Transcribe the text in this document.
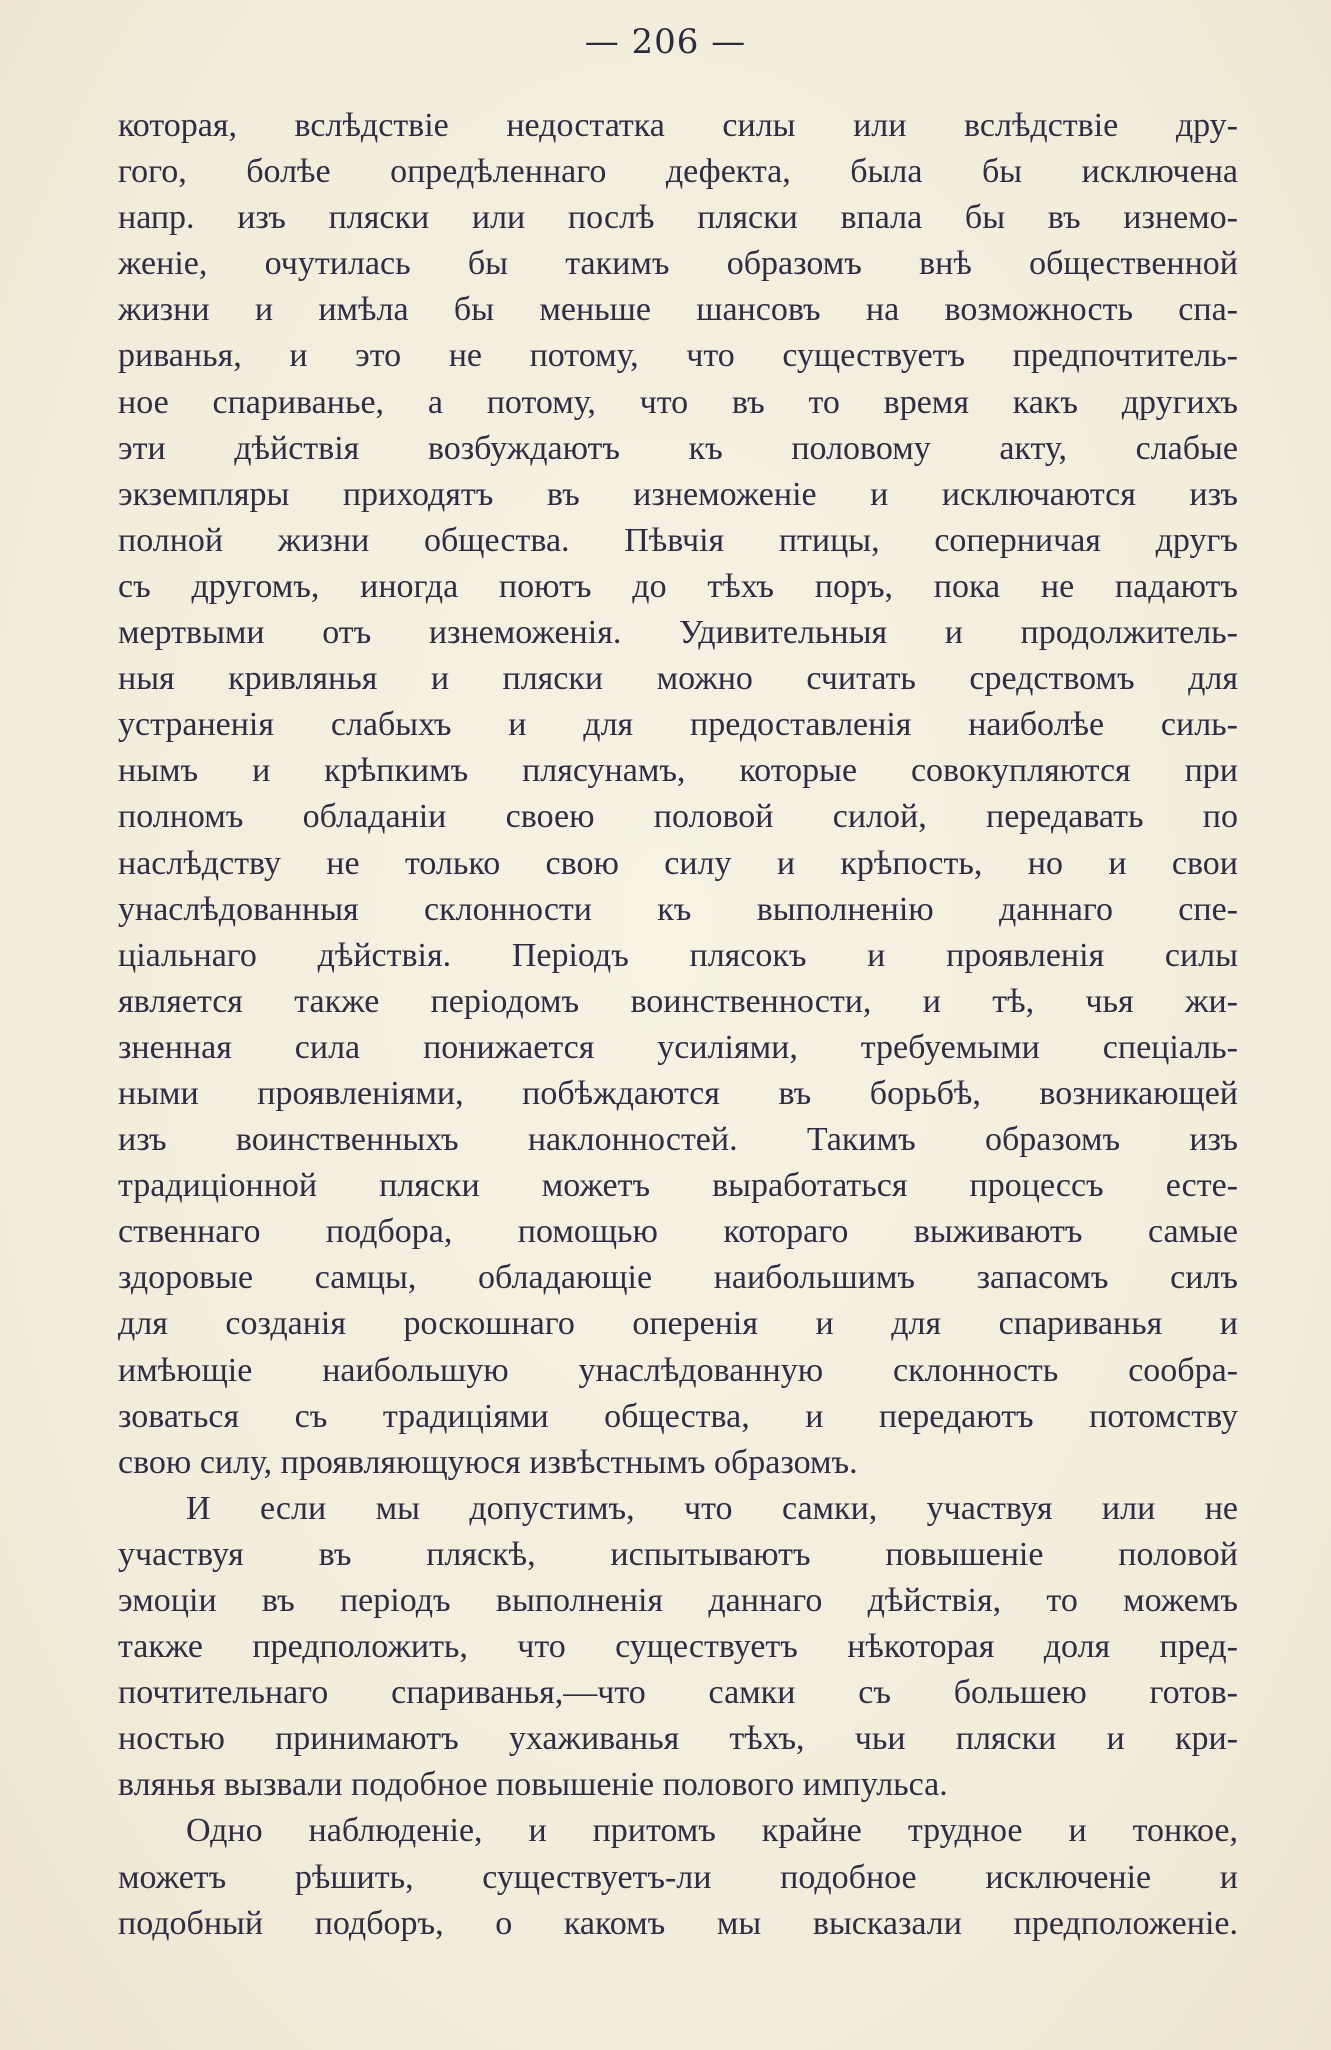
— 206 —
которая, вслѣдствіе недостатка силы или вслѣдствіе дру-
гого, болѣе опредѣленнаго дефекта, была бы исключена
напр. изъ пляски или послѣ пляски впала бы въ изнемо-
женіе, очутилась бы такимъ образомъ внѣ общественной
жизни и имѣла бы меньше шансовъ на возможность спа-
риванья, и это не потому, что существуетъ предпочтитель-
ное спариванье, а потому, что въ то время какъ другихъ
эти дѣйствія возбуждаютъ къ половому акту, слабые
экземпляры приходятъ въ изнеможеніе и исключаются изъ
полной жизни общества. Пѣвчія птицы, соперничая другъ
съ другомъ, иногда поютъ до тѣхъ поръ, пока не падаютъ
мертвыми отъ изнеможенія. Удивительныя и продолжитель-
ныя кривлянья и пляски можно считать средствомъ для
устраненія слабыхъ и для предоставленія наиболѣе силь-
нымъ и крѣпкимъ плясунамъ, которые совокупляются при
полномъ обладаніи своею половой силой, передавать по
наслѣдству не только свою силу и крѣпость, но и свои
унаслѣдованныя склонности къ выполненію даннаго спе-
ціальнаго дѣйствія. Періодъ плясокъ и проявленія силы
является также періодомъ воинственности, и тѣ, чья жи-
зненная сила понижается усиліями, требуемыми спеціаль-
ными проявленіями, побѣждаются въ борьбѣ, возникающей
изъ воинственныхъ наклонностей. Такимъ образомъ изъ
традиціонной пляски можетъ выработаться процессъ есте-
ственнаго подбора, помощью котораго выживаютъ самые
здоровые самцы, обладающіе наибольшимъ запасомъ силъ
для созданія роскошнаго оперенія и для спариванья и
имѣющіе наибольшую унаслѣдованную склонность сообра-
зоваться съ традиціями общества, и передаютъ потомству
свою силу, проявляющуюся извѣстнымъ образомъ.
И если мы допустимъ, что самки, участвуя или не
участвуя въ пляскѣ, испытываютъ повышеніе половой
эмоціи въ періодъ выполненія даннаго дѣйствія, то можемъ
также предположить, что существуетъ нѣкоторая доля пред-
почтительнаго спариванья,—что самки съ большею готов-
ностью принимаютъ ухаживанья тѣхъ, чьи пляски и кри-
влянья вызвали подобное повышеніе полового импульса.
Одно наблюденіе, и притомъ крайне трудное и тонкое,
можетъ рѣшить, существуетъ-ли подобное исключеніе и
подобный подборъ, о какомъ мы высказали предположеніе.
